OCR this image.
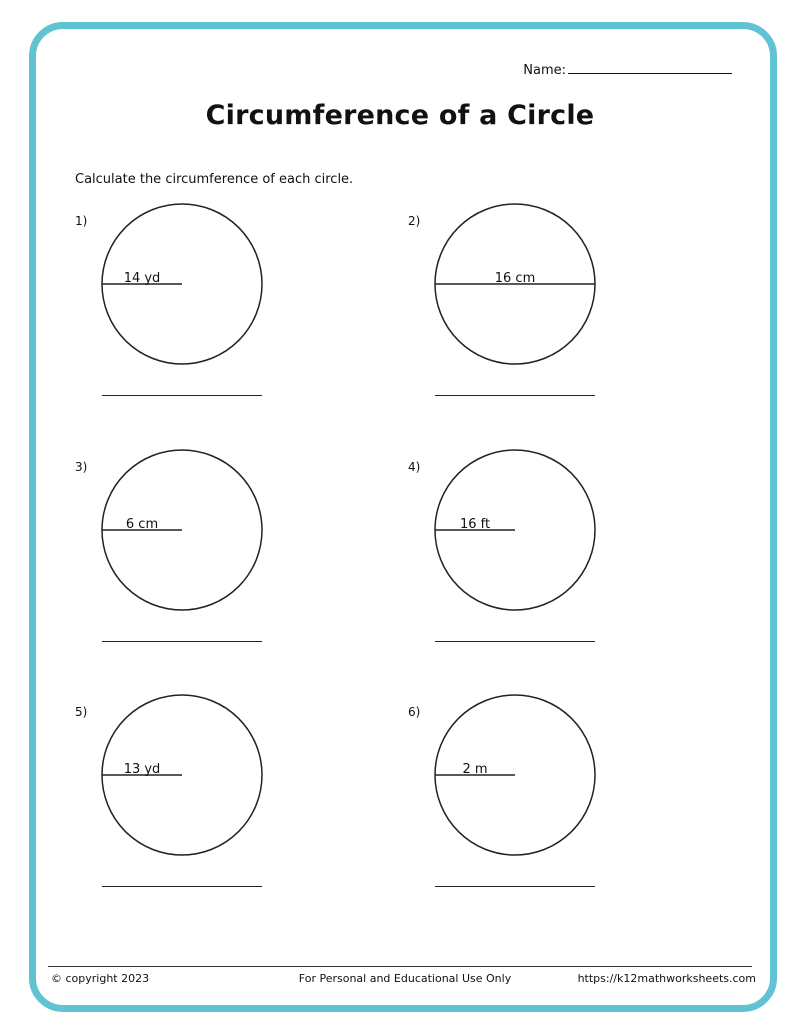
Name:
Circumference of a Circle
Calculate the circumference of each circle.
1)
14 yd
2)
16 cm
3)
6 cm
4)
16 ft
5)
13 yd
6)
2 m
© copyright 2023	For Personal and Educational Use Only	https://k12mathworksheets.com
